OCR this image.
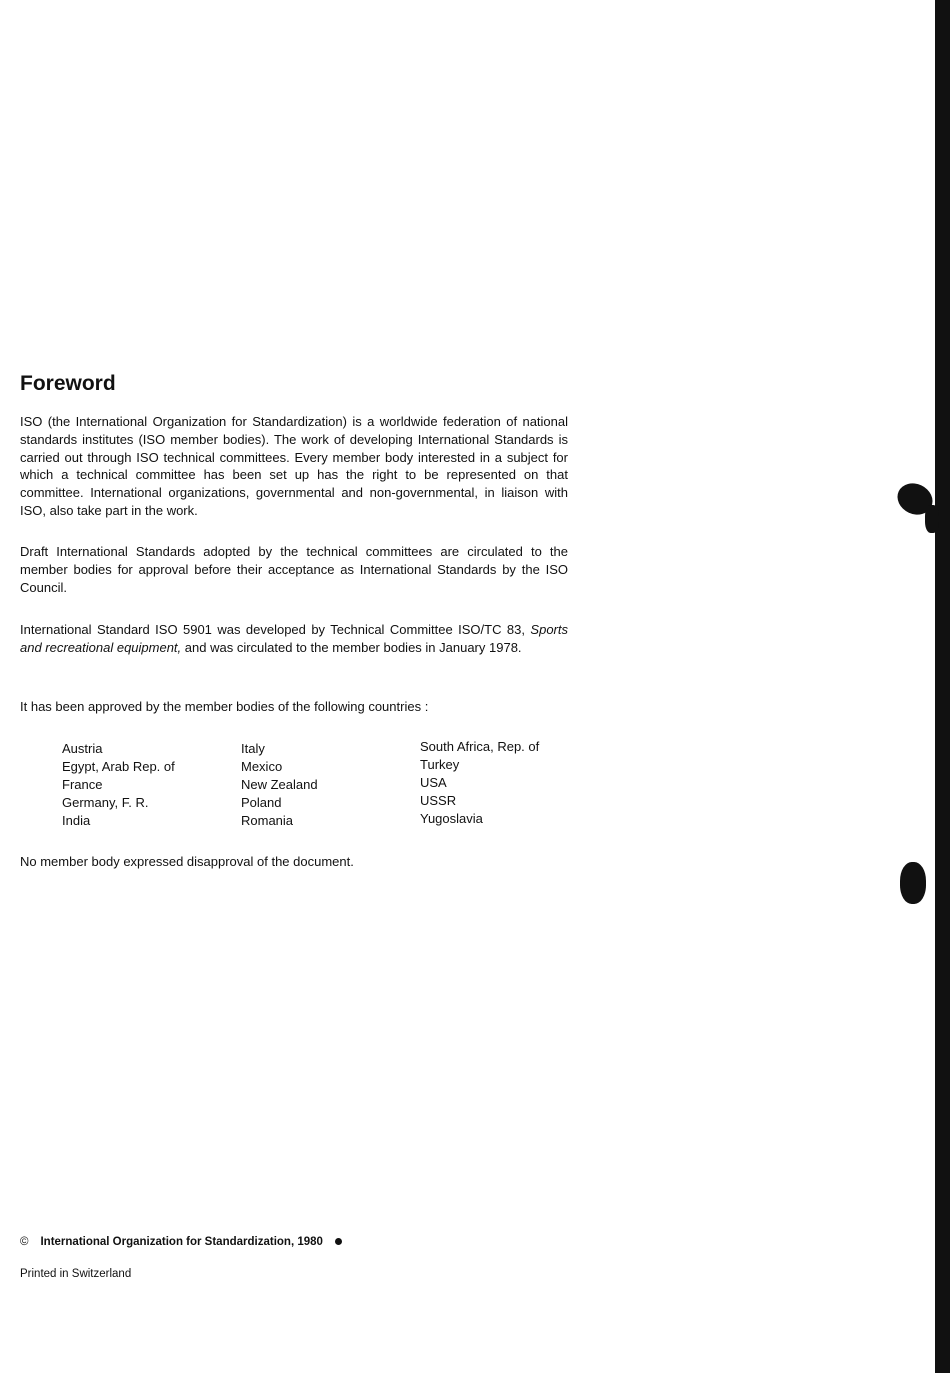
Foreword

ISO (the International Organization for Standardization) is a worldwide federation of national standards institutes (ISO member bodies). The work of developing International Standards is carried out through ISO technical committees. Every member body interested in a subject for which a technical committee has been set up has the right to be represented on that committee. International organizations, governmental and non-governmental, in liaison with ISO, also take part in the work.

Draft International Standards adopted by the technical committees are circulated to the member bodies for approval before their acceptance as International Standards by the ISO Council.

International Standard ISO 5901 was developed by Technical Committee ISO/TC 83, Sports and recreational equipment, and was circulated to the member bodies in January 1978.

It has been approved by the member bodies of the following countries :

Austria
Egypt, Arab Rep. of
France
Germany, F. R.
India
Italy
Mexico
New Zealand
Poland
Romania
South Africa, Rep. of
Turkey
USA
USSR
Yugoslavia

No member body expressed disapproval of the document.

© International Organization for Standardization, 1980
Printed in Switzerland
